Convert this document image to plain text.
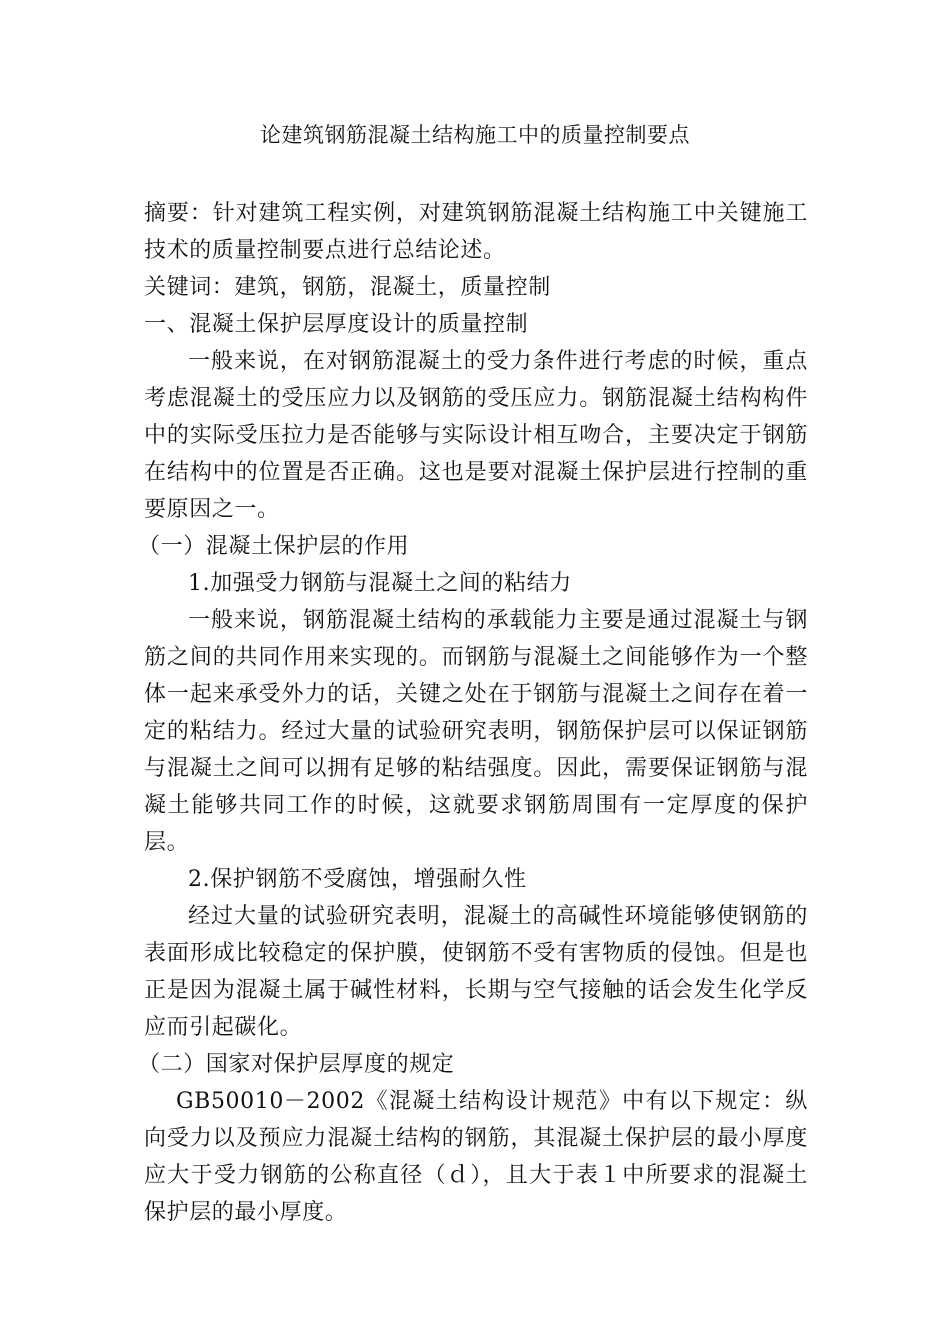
论建筑钢筋混凝土结构施工中的质量控制要点

摘要：针对建筑工程实例，对建筑钢筋混凝土结构施工中关键施工技术的质量控制要点进行总结论述。

关键词：建筑，钢筋，混凝土，质量控制

一、混凝土保护层厚度设计的质量控制

一般来说，在对钢筋混凝土的受力条件进行考虑的时候，重点考虑混凝土的受压应力以及钢筋的受压应力。钢筋混凝土结构构件中的实际受压拉力是否能够与实际设计相互吻合，主要决定于钢筋在结构中的位置是否正确。这也是要对混凝土保护层进行控制的重要原因之一。

（一）混凝土保护层的作用

1.加强受力钢筋与混凝土之间的粘结力

一般来说，钢筋混凝土结构的承载能力主要是通过混凝土与钢筋之间的共同作用来实现的。而钢筋与混凝土之间能够作为一个整体一起来承受外力的话，关键之处在于钢筋与混凝土之间存在着一定的粘结力。经过大量的试验研究表明，钢筋保护层可以保证钢筋与混凝土之间可以拥有足够的粘结强度。因此，需要保证钢筋与混凝土能够共同工作的时候，这就要求钢筋周围有一定厚度的保护层。

2.保护钢筋不受腐蚀，增强耐久性

经过大量的试验研究表明，混凝土的高碱性环境能够使钢筋的表面形成比较稳定的保护膜，使钢筋不受有害物质的侵蚀。但是也正是因为混凝土属于碱性材料，长期与空气接触的话会发生化学反应而引起碳化。

（二）国家对保护层厚度的规定

GB50010－2002《混凝土结构设计规范》中有以下规定：纵向受力以及预应力混凝土结构的钢筋，其混凝土保护层的最小厚度应大于受力钢筋的公称直径（ｄ），且大于表１中所要求的混凝土保护层的最小厚度。
